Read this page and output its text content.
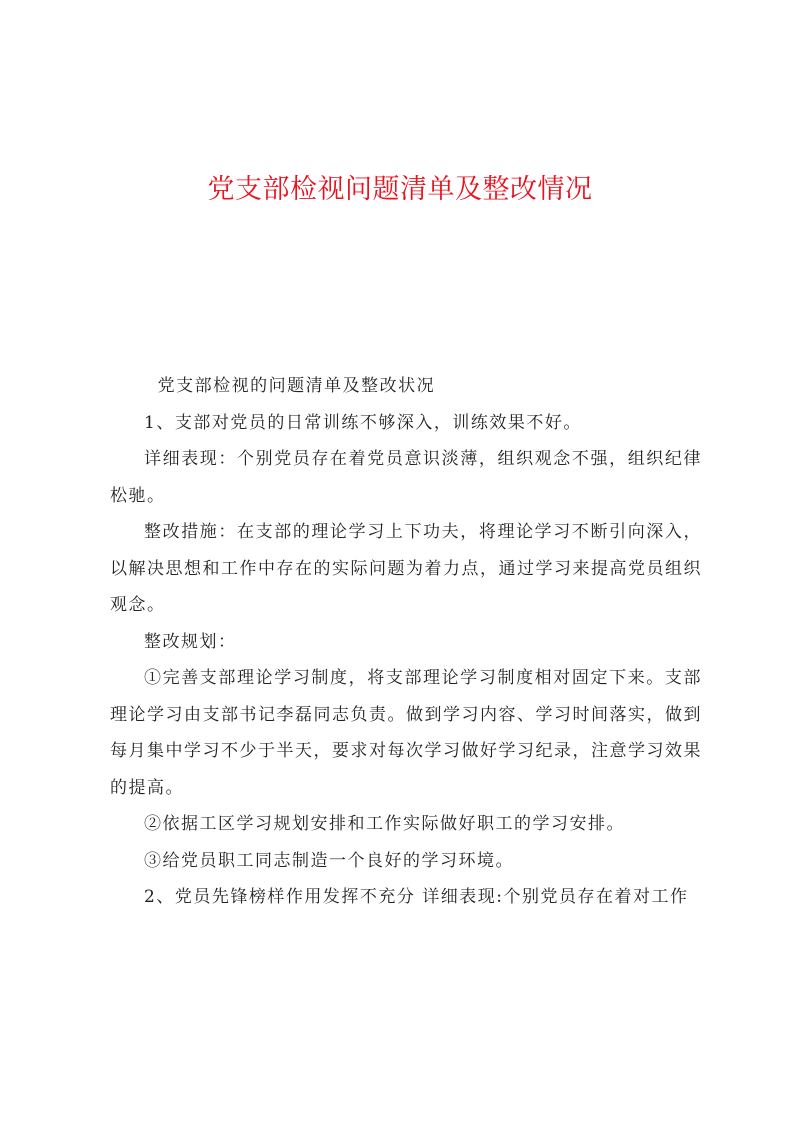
党支部检视问题清单及整改情况

党支部检视的问题清单及整改状况

1、支部对党员的日常训练不够深入，训练效果不好。

详细表现：个别党员存在着党员意识淡薄，组织观念不强，组织纪律松驰。

整改措施：在支部的理论学习上下功夫，将理论学习不断引向深入，以解决思想和工作中存在的实际问题为着力点，通过学习来提高党员组织观念。

整改规划：

①完善支部理论学习制度，将支部理论学习制度相对固定下来。支部理论学习由支部书记李磊同志负责。做到学习内容、学习时间落实，做到每月集中学习不少于半天，要求对每次学习做好学习纪录，注意学习效果的提高。

②依据工区学习规划安排和工作实际做好职工的学习安排。

③给党员职工同志制造一个良好的学习环境。

2、党员先锋榜样作用发挥不充分 详细表现:个别党员存在着对工作
